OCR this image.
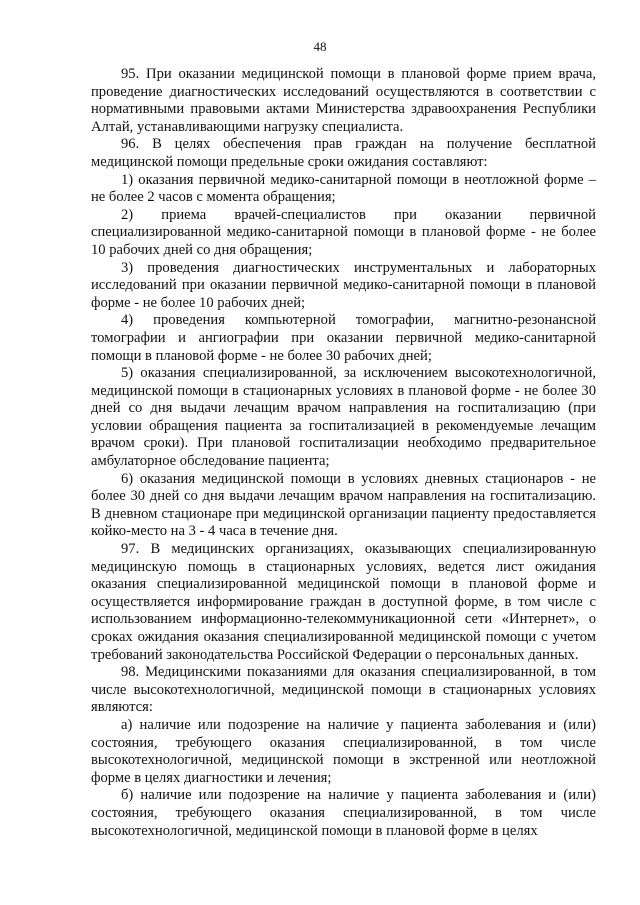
48

95. При оказании медицинской помощи в плановой форме прием врача, проведение диагностических исследований осуществляются в соответствии с нормативными правовыми актами Министерства здравоохранения Республики Алтай, устанавливающими нагрузку специалиста.

96. В целях обеспечения прав граждан на получение бесплатной медицинской помощи предельные сроки ожидания составляют:

1) оказания первичной медико-санитарной помощи в неотложной форме – не более 2 часов с момента обращения;

2) приема врачей-специалистов при оказании первичной специализированной медико-санитарной помощи в плановой форме - не более 10 рабочих дней со дня обращения;

3) проведения диагностических инструментальных и лабораторных исследований при оказании первичной медико-санитарной помощи в плановой форме - не более 10 рабочих дней;

4) проведения компьютерной томографии, магнитно-резонансной томографии и ангиографии при оказании первичной медико-санитарной помощи в плановой форме - не более 30 рабочих дней;

5) оказания специализированной, за исключением высокотехнологичной, медицинской помощи в стационарных условиях в плановой форме - не более 30 дней со дня выдачи лечащим врачом направления на госпитализацию (при условии обращения пациента за госпитализацией в рекомендуемые лечащим врачом сроки). При плановой госпитализации необходимо предварительное амбулаторное обследование пациента;

6) оказания медицинской помощи в условиях дневных стационаров - не более 30 дней со дня выдачи лечащим врачом направления на госпитализацию. В дневном стационаре при медицинской организации пациенту предоставляется койко-место на 3 - 4 часа в течение дня.

97. В медицинских организациях, оказывающих специализированную медицинскую помощь в стационарных условиях, ведется лист ожидания оказания специализированной медицинской помощи в плановой форме и осуществляется информирование граждан в доступной форме, в том числе с использованием информационно-телекоммуникационной сети «Интернет», о сроках ожидания оказания специализированной медицинской помощи с учетом требований законодательства Российской Федерации о персональных данных.

98. Медицинскими показаниями для оказания специализированной, в том числе высокотехнологичной, медицинской помощи в стационарных условиях являются:

а) наличие или подозрение на наличие у пациента заболевания и (или) состояния, требующего оказания специализированной, в том числе высокотехнологичной, медицинской помощи в экстренной или неотложной форме в целях диагностики и лечения;

б) наличие или подозрение на наличие у пациента заболевания и (или) состояния, требующего оказания специализированной, в том числе высокотехнологичной, медицинской помощи в плановой форме в целях
